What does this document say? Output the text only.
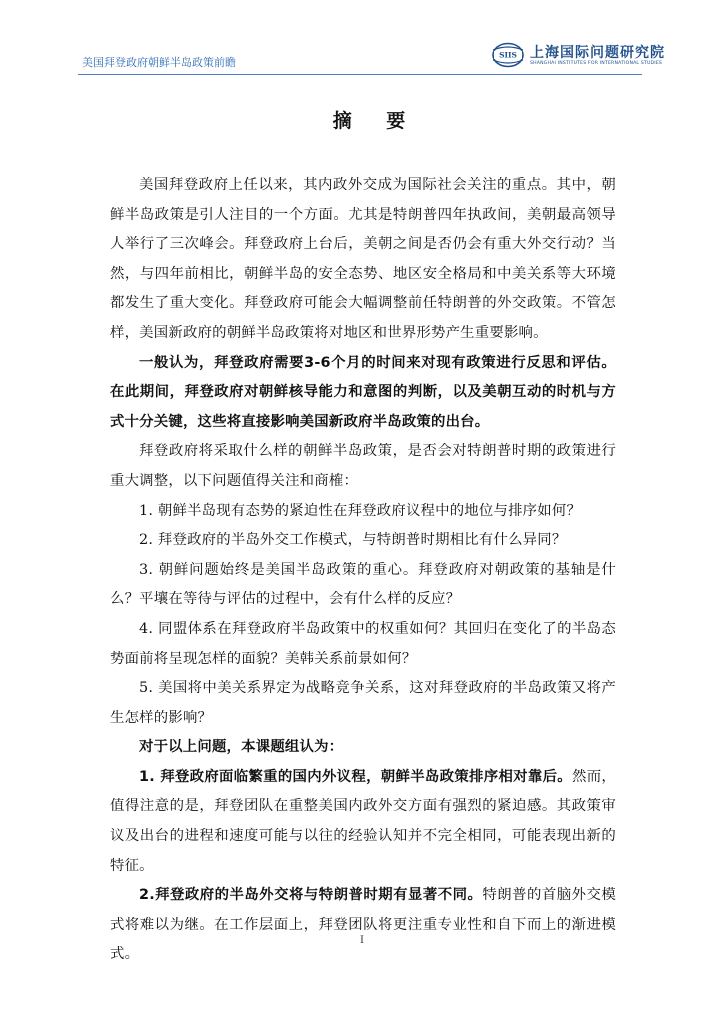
美国拜登政府朝鲜半岛政策前瞻
SIIS 上海国际问题研究院
SHANGHAI INSTITUTES FOR INTERNATIONAL STUDIES
摘 要

美国拜登政府上任以来，其内政外交成为国际社会关注的重点。其中，朝鲜半岛政策是引人注目的一个方面。尤其是特朗普四年执政间，美朝最高领导人举行了三次峰会。拜登政府上台后，美朝之间是否仍会有重大外交行动？当然，与四年前相比，朝鲜半岛的安全态势、地区安全格局和中美关系等大环境都发生了重大变化。拜登政府可能会大幅调整前任特朗普的外交政策。不管怎样，美国新政府的朝鲜半岛政策将对地区和世界形势产生重要影响。

一般认为，拜登政府需要3-6个月的时间来对现有政策进行反思和评估。在此期间，拜登政府对朝鲜核导能力和意图的判断，以及美朝互动的时机与方式十分关键，这些将直接影响美国新政府半岛政策的出台。

拜登政府将采取什么样的朝鲜半岛政策，是否会对特朗普时期的政策进行重大调整，以下问题值得关注和商榷：

1. 朝鲜半岛现有态势的紧迫性在拜登政府议程中的地位与排序如何？

2. 拜登政府的半岛外交工作模式，与特朗普时期相比有什么异同？

3. 朝鲜问题始终是美国半岛政策的重心。拜登政府对朝政策的基轴是什么？平壤在等待与评估的过程中，会有什么样的反应？

4. 同盟体系在拜登政府半岛政策中的权重如何？其回归在变化了的半岛态势面前将呈现怎样的面貌？美韩关系前景如何？

5. 美国将中美关系界定为战略竞争关系，这对拜登政府的半岛政策又将产生怎样的影响？

对于以上问题，本课题组认为：

1. 拜登政府面临繁重的国内外议程，朝鲜半岛政策排序相对靠后。然而，值得注意的是，拜登团队在重整美国内政外交方面有强烈的紧迫感。其政策审议及出台的进程和速度可能与以往的经验认知并不完全相同，可能表现出新的特征。

2.拜登政府的半岛外交将与特朗普时期有显著不同。特朗普的首脑外交模式将难以为继。在工作层面上，拜登团队将更注重专业性和自下而上的渐进模式。

I
